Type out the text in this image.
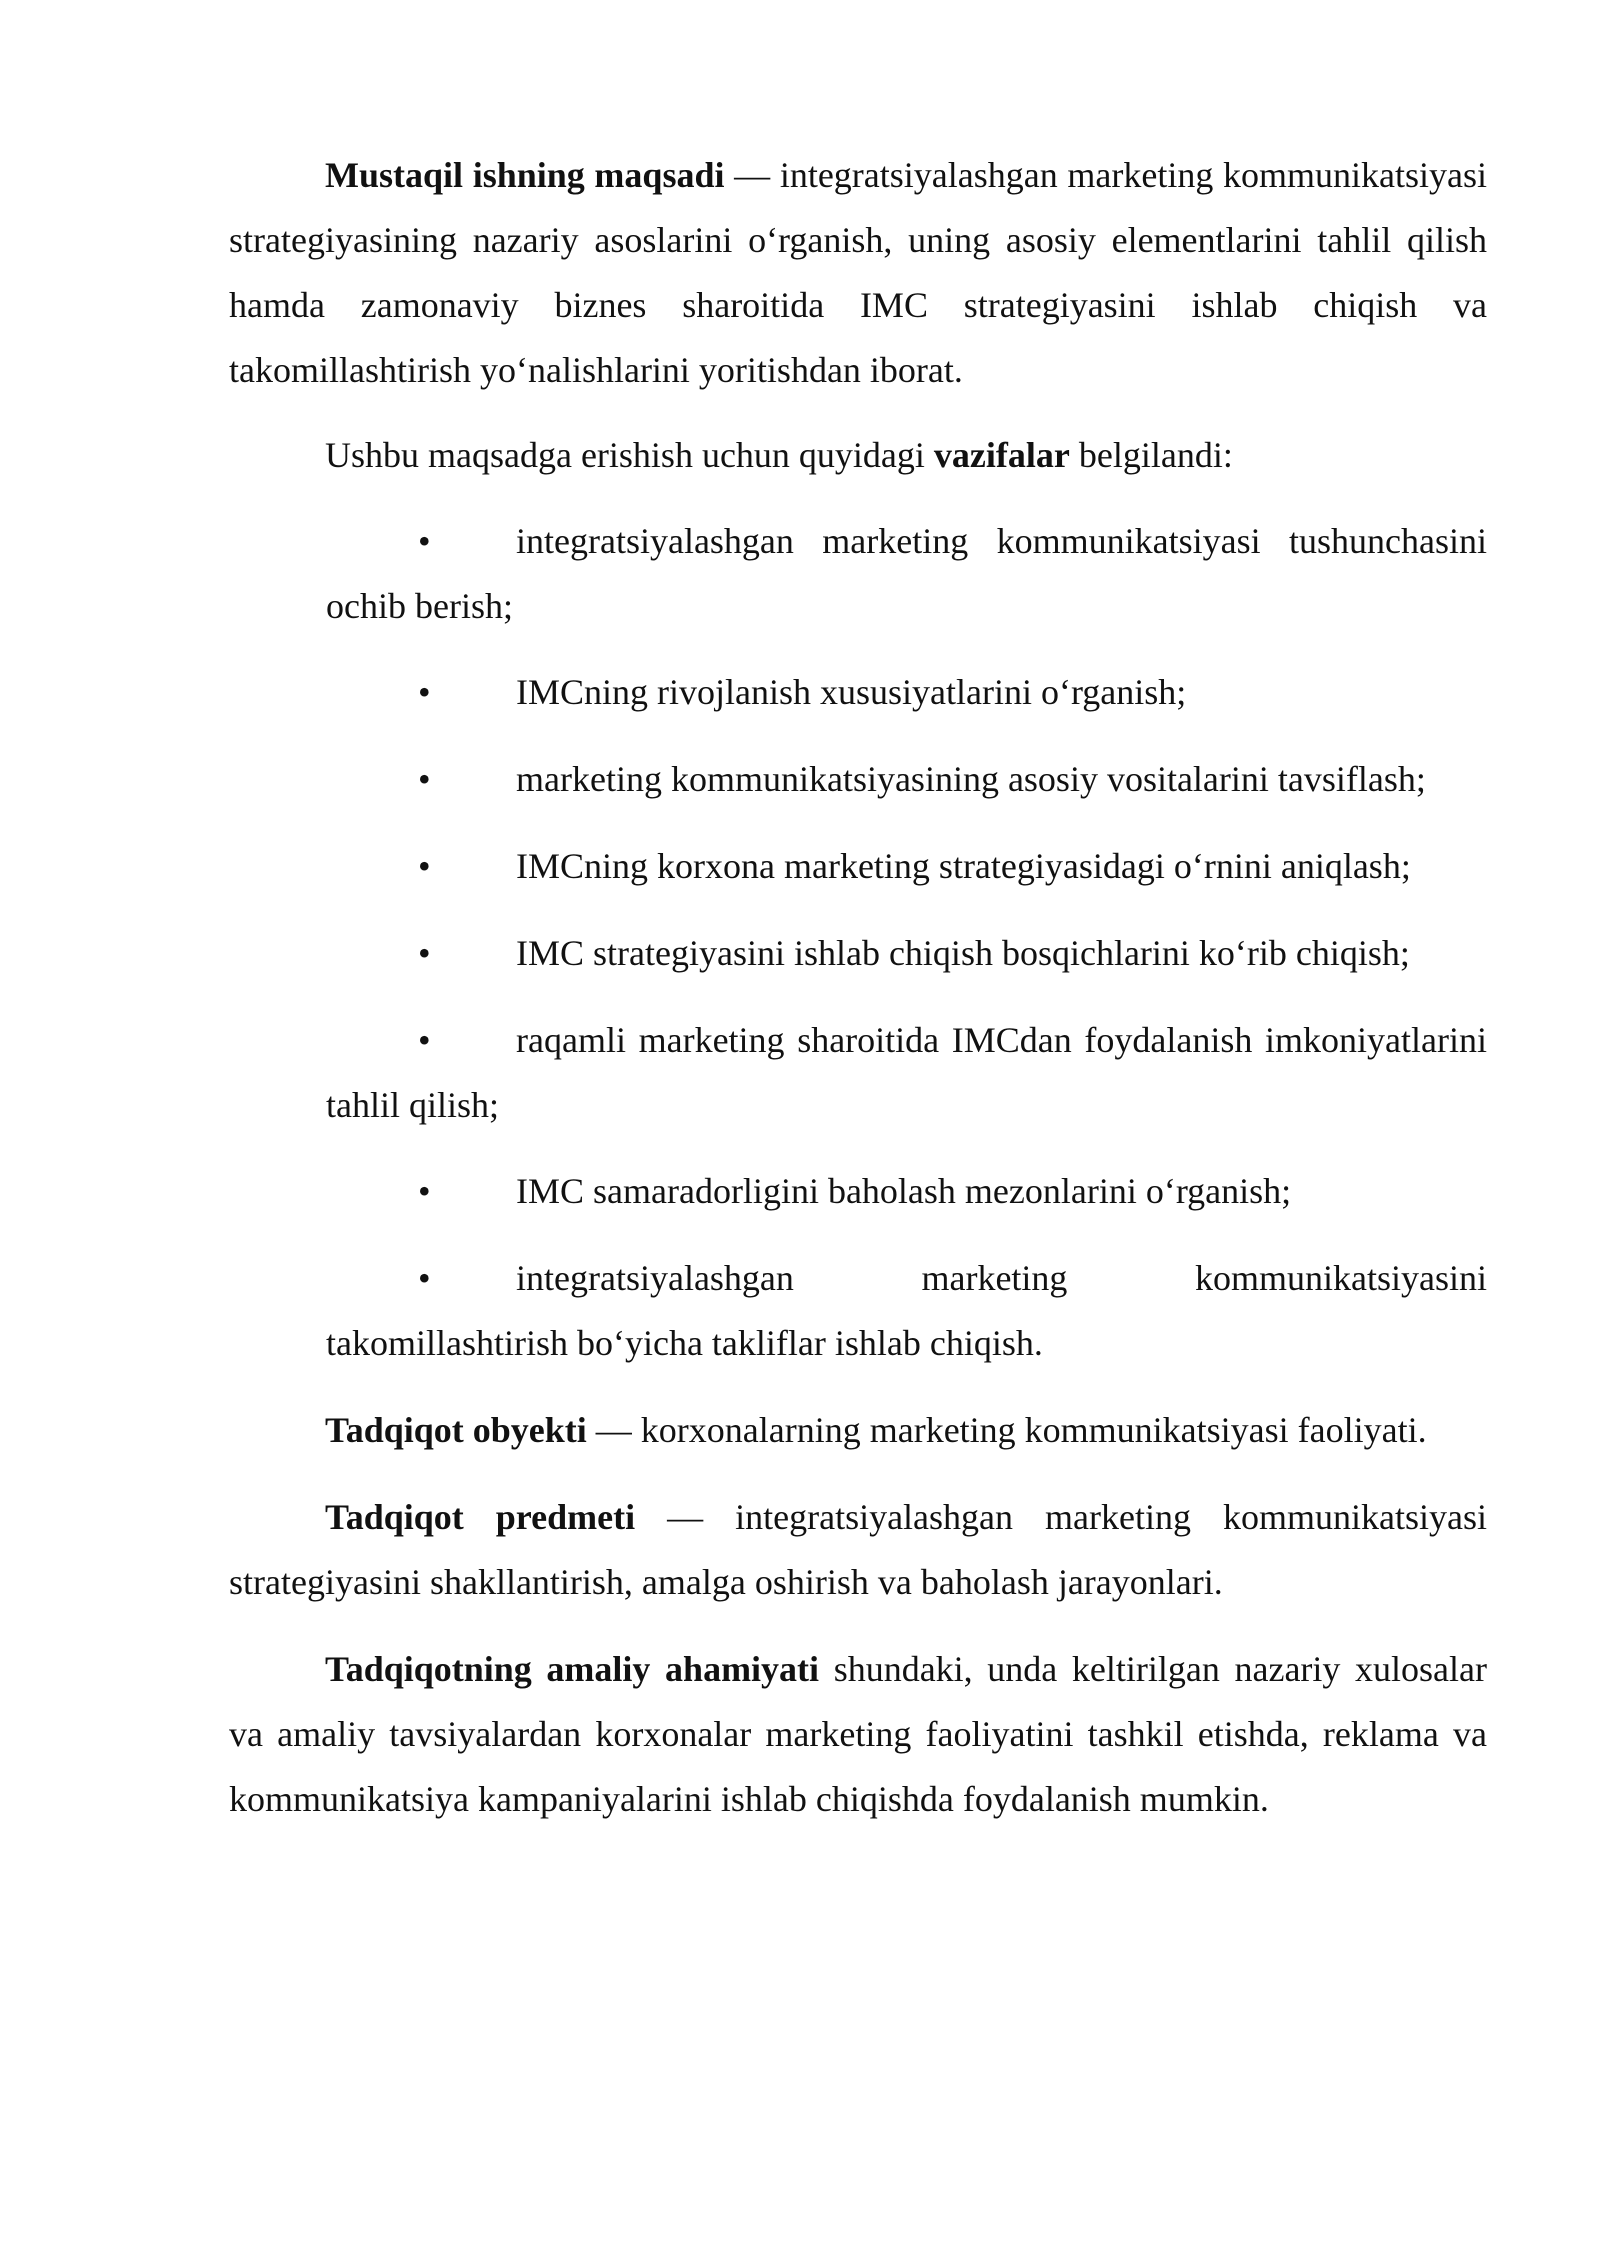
Mustaqil ishning maqsadi — integratsiyalashgan marketing kommunikatsiyasi strategiyasining nazariy asoslarini o‘rganish, uning asosiy elementlarini tahlil qilish hamda zamonaviy biznes sharoitida IMC strategiyasini ishlab chiqish va takomillashtirish yo‘nalishlarini yoritishdan iborat.

Ushbu maqsadga erishish uchun quyidagi vazifalar belgilandi:

•	integratsiyalashgan marketing kommunikatsiyasi tushunchasini ochib berish;

•	IMCning rivojlanish xususiyatlarini o‘rganish;

•	marketing kommunikatsiyasining asosiy vositalarini tavsiflash;

•	IMCning korxona marketing strategiyasidagi o‘rnini aniqlash;

•	IMC strategiyasini ishlab chiqish bosqichlarini ko‘rib chiqish;

•	raqamli marketing sharoitida IMCdan foydalanish imkoniyatlarini tahlil qilish;

•	IMC samaradorligini baholash mezonlarini o‘rganish;

•	integratsiyalashgan marketing kommunikatsiyasini takomillashtirish bo‘yicha takliflar ishlab chiqish.

Tadqiqot obyekti — korxonalarning marketing kommunikatsiyasi faoliyati.

Tadqiqot predmeti — integratsiyalashgan marketing kommunikatsiyasi strategiyasini shakllantirish, amalga oshirish va baholash jarayonlari.

Tadqiqotning amaliy ahamiyati shundaki, unda keltirilgan nazariy xulosalar va amaliy tavsiyalardan korxonalar marketing faoliyatini tashkil etishda, reklama va kommunikatsiya kampaniyalarini ishlab chiqishda foydalanish mumkin.
